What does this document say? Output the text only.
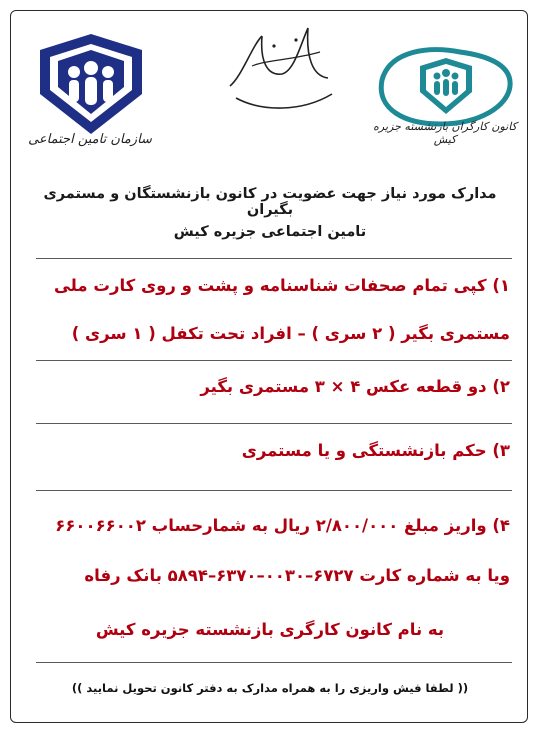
سازمان تامین اجتماعی
کانون کارگران بازنشسته جزیره کیش
مدارک مورد نیاز جهت عضویت در کانون بازنشستگان و مستمری بگیران
تامین اجتماعی جزیره کیش
۱) کپی تمام صحفات شناسنامه و پشت و روی کارت ملی
مستمری بگیر ( ۲ سری ) – افراد تحت تکفل ( ۱ سری )
۲) دو قطعه عکس ۴ × ۳ مستمری بگیر
۳) حکم بازنشستگی و یا مستمری
۴) واریز مبلغ ۲/۸۰۰/۰۰۰ ریال به شمارحساب ۶۶۰۰۶۶۰۰۲
ویا به شماره کارت ۶۷۲۷–۰۰۳۰–۶۳۷۰–۵۸۹۴ بانک رفاه
به نام کانون کارگری بازنشسته جزیره کیش
(( لطفا فیش واریزی را به همراه مدارک به دفتر کانون تحویل نمایید ))
